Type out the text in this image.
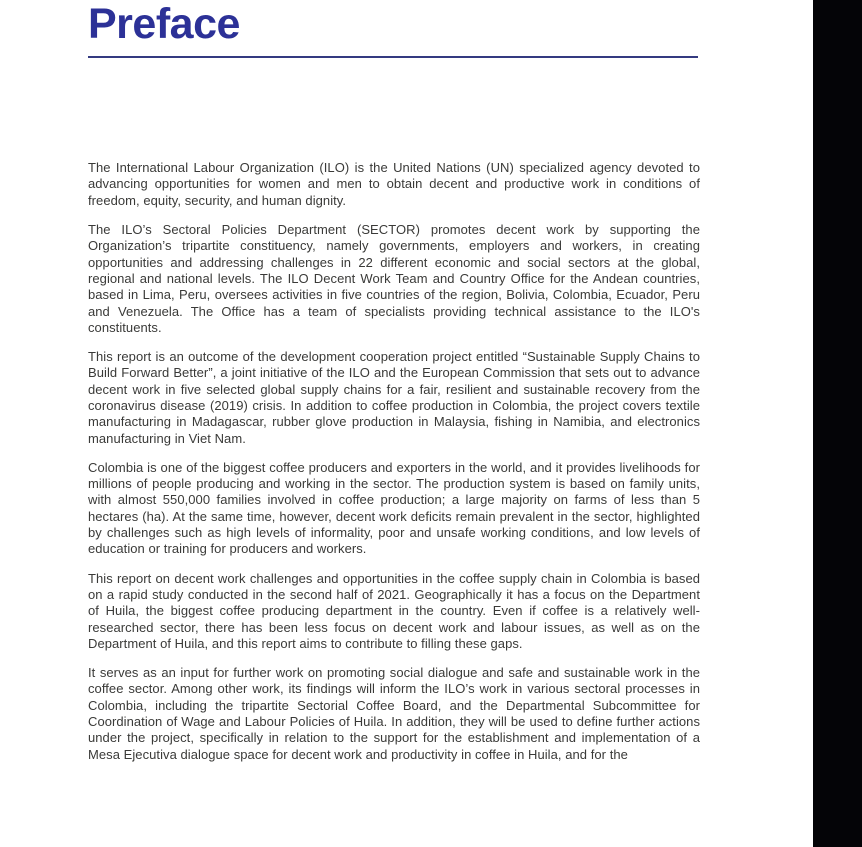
Preface

The International Labour Organization (ILO) is the United Nations (UN) specialized agency devoted to advancing opportunities for women and men to obtain decent and productive work in conditions of freedom, equity, security, and human dignity.

The ILO’s Sectoral Policies Department (SECTOR) promotes decent work by supporting the Organization’s tripartite constituency, namely governments, employers and workers, in creating opportunities and addressing challenges in 22 different economic and social sectors at the global, regional and national levels. The ILO Decent Work Team and Country Office for the Andean countries, based in Lima, Peru, oversees activities in five countries of the region, Bolivia, Colombia, Ecuador, Peru and Venezuela. The Office has a team of specialists providing technical assistance to the ILO's constituents.

This report is an outcome of the development cooperation project entitled “Sustainable Supply Chains to Build Forward Better”, a joint initiative of the ILO and the European Commission that sets out to advance decent work in five selected global supply chains for a fair, resilient and sustainable recovery from the coronavirus disease (2019) crisis. In addition to coffee production in Colombia, the project covers textile manufacturing in Madagascar, rubber glove production in Malaysia, fishing in Namibia, and electronics manufacturing in Viet Nam.

Colombia is one of the biggest coffee producers and exporters in the world, and it provides livelihoods for millions of people producing and working in the sector. The production system is based on family units, with almost 550,000 families involved in coffee production; a large majority on farms of less than 5 hectares (ha). At the same time, however, decent work deficits remain prevalent in the sector, highlighted by challenges such as high levels of informality, poor and unsafe working conditions, and low levels of education or training for producers and workers.

This report on decent work challenges and opportunities in the coffee supply chain in Colombia is based on a rapid study conducted in the second half of 2021. Geographically it has a focus on the Department of Huila, the biggest coffee producing department in the country. Even if coffee is a relatively well-researched sector, there has been less focus on decent work and labour issues, as well as on the Department of Huila, and this report aims to contribute to filling these gaps.

It serves as an input for further work on promoting social dialogue and safe and sustainable work in the coffee sector. Among other work, its findings will inform the ILO’s work in various sectoral processes in Colombia, including the tripartite Sectorial Coffee Board, and the Departmental Subcommittee for Coordination of Wage and Labour Policies of Huila. In addition, they will be used to define further actions under the project, specifically in relation to the support for the establishment and implementation of a Mesa Ejecutiva dialogue space for decent work and productivity in coffee in Huila, and for the
